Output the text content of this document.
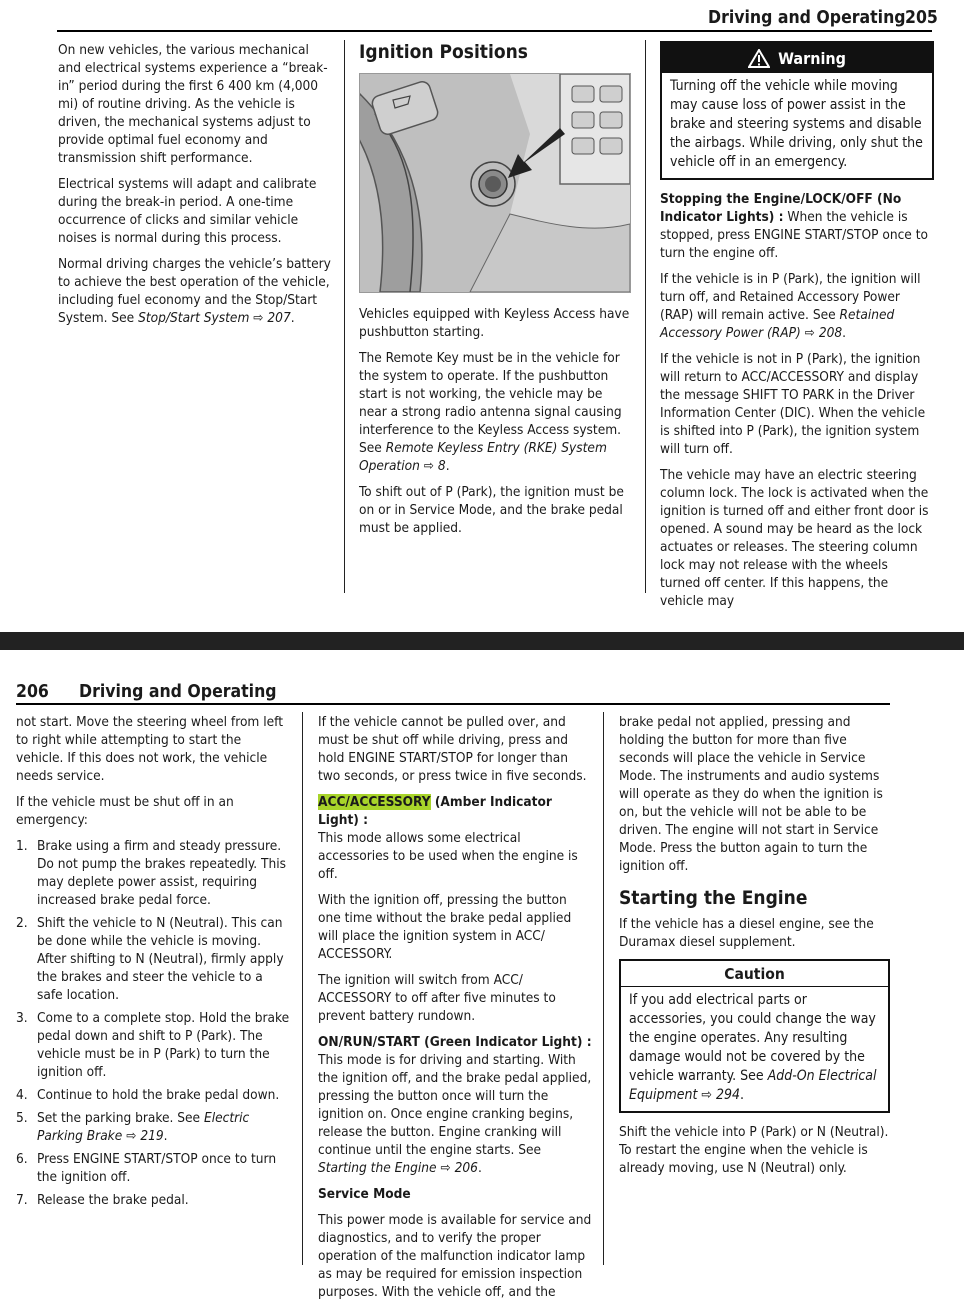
Driving and Operating 205

On new vehicles, the various mechanical and electrical systems experience a “break-in” period during the first 6 400 km (4,000 mi) of routine driving. As the vehicle is driven, the mechanical systems adjust to provide optimal fuel economy and transmission shift performance.

Electrical systems will adapt and calibrate during the break-in period. A one-time occurrence of clicks and similar vehicle noises is normal during this process.

Normal driving charges the vehicle’s battery to achieve the best operation of the vehicle, including fuel economy and the Stop/Start System. See Stop/Start System ⇨ 207.

Ignition Positions

Vehicles equipped with Keyless Access have pushbutton starting.

The Remote Key must be in the vehicle for the system to operate. If the pushbutton start is not working, the vehicle may be near a strong radio antenna signal causing interference to the Keyless Access system. See Remote Keyless Entry (RKE) System Operation ⇨ 8.

To shift out of P (Park), the ignition must be on or in Service Mode, and the brake pedal must be applied.

Warning
Turning off the vehicle while moving may cause loss of power assist in the brake and steering systems and disable the airbags. While driving, only shut the vehicle off in an emergency.

Stopping the Engine/LOCK/OFF (No Indicator Lights) : When the vehicle is stopped, press ENGINE START/STOP once to turn the engine off.

If the vehicle is in P (Park), the ignition will turn off, and Retained Accessory Power (RAP) will remain active. See Retained Accessory Power (RAP) ⇨ 208.

If the vehicle is not in P (Park), the ignition will return to ACC/ACCESSORY and display the message SHIFT TO PARK in the Driver Information Center (DIC). When the vehicle is shifted into P (Park), the ignition system will turn off.

The vehicle may have an electric steering column lock. The lock is activated when the ignition is turned off and either front door is opened. A sound may be heard as the lock actuates or releases. The steering column lock may not release with the wheels turned off center. If this happens, the vehicle may

206 Driving and Operating

not start. Move the steering wheel from left to right while attempting to start the vehicle. If this does not work, the vehicle needs service.

If the vehicle must be shut off in an emergency:

1. Brake using a firm and steady pressure. Do not pump the brakes repeatedly. This may deplete power assist, requiring increased brake pedal force.
2. Shift the vehicle to N (Neutral). This can be done while the vehicle is moving. After shifting to N (Neutral), firmly apply the brakes and steer the vehicle to a safe location.
3. Come to a complete stop. Hold the brake pedal down and shift to P (Park). The vehicle must be in P (Park) to turn the ignition off.
4. Continue to hold the brake pedal down.
5. Set the parking brake. See Electric Parking Brake ⇨ 219.
6. Press ENGINE START/STOP once to turn the ignition off.
7. Release the brake pedal.

If the vehicle cannot be pulled over, and must be shut off while driving, press and hold ENGINE START/STOP for longer than two seconds, or press twice in five seconds.

ACC/ACCESSORY (Amber Indicator Light) :
This mode allows some electrical accessories to be used when the engine is off.

With the ignition off, pressing the button one time without the brake pedal applied will place the ignition system in ACC/ ACCESSORY.

The ignition will switch from ACC/ ACCESSORY to off after five minutes to prevent battery rundown.

ON/RUN/START (Green Indicator Light) : This mode is for driving and starting. With the ignition off, and the brake pedal applied, pressing the button once will turn the ignition on. Once engine cranking begins, release the button. Engine cranking will continue until the engine starts. See Starting the Engine ⇨ 206.

Service Mode

This power mode is available for service and diagnostics, and to verify the proper operation of the malfunction indicator lamp as may be required for emission inspection purposes. With the vehicle off, and the

brake pedal not applied, pressing and holding the button for more than five seconds will place the vehicle in Service Mode. The instruments and audio systems will operate as they do when the ignition is on, but the vehicle will not be able to be driven. The engine will not start in Service Mode. Press the button again to turn the ignition off.

Starting the Engine

If the vehicle has a diesel engine, see the Duramax diesel supplement.

Caution
If you add electrical parts or accessories, you could change the way the engine operates. Any resulting damage would not be covered by the vehicle warranty. See Add-On Electrical Equipment ⇨ 294.

Shift the vehicle into P (Park) or N (Neutral). To restart the engine when the vehicle is already moving, use N (Neutral) only.
